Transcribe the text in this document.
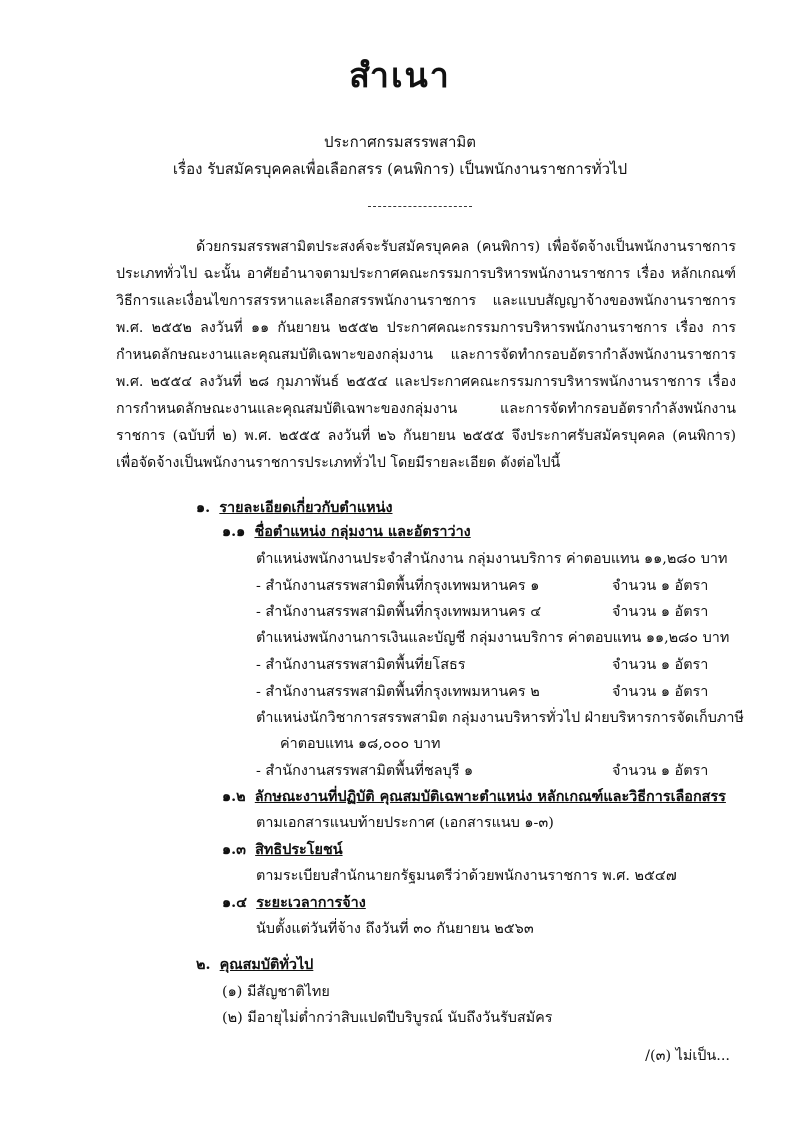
สำเนา
ประกาศกรมสรรพสามิต
เรื่อง รับสมัครบุคคลเพื่อเลือกสรร (คนพิการ) เป็นพนักงานราชการทั่วไป
ด้วยกรมสรรพสามิตประสงค์จะรับสมัครบุคคล (คนพิการ) เพื่อจัดจ้างเป็นพนักงานราชการประเภททั่วไป ฉะนั้น อาศัยอำนาจตามประกาศคณะกรรมการบริหารพนักงานราชการ เรื่อง หลักเกณฑ์วิธีการและเงื่อนไขการสรรหาและเลือกสรรพนักงานราชการ และแบบสัญญาจ้างของพนักงานราชการ พ.ศ. ๒๕๕๒ ลงวันที่ ๑๑ กันยายน ๒๕๕๒ ประกาศคณะกรรมการบริหารพนักงานราชการ เรื่อง การกำหนดลักษณะงานและคุณสมบัติเฉพาะของกลุ่มงาน และการจัดทำกรอบอัตรากำลังพนักงานราชการ พ.ศ. ๒๕๕๔ ลงวันที่ ๒๘ กุมภาพันธ์ ๒๕๕๔ และประกาศคณะกรรมการบริหารพนักงานราชการ เรื่อง การกำหนดลักษณะงานและคุณสมบัติเฉพาะของกลุ่มงาน และการจัดทำกรอบอัตรากำลังพนักงานราชการ (ฉบับที่ ๒) พ.ศ. ๒๕๕๕ ลงวันที่ ๒๖ กันยายน ๒๕๕๕ จึงประกาศรับสมัครบุคคล (คนพิการ) เพื่อจัดจ้างเป็นพนักงานราชการประเภททั่วไป โดยมีรายละเอียด ดังต่อไปนี้
๑. รายละเอียดเกี่ยวกับตำแหน่ง
๑.๑ ชื่อตำแหน่ง กลุ่มงาน และอัตราว่าง
ตำแหน่งพนักงานประจำสำนักงาน กลุ่มงานบริการ ค่าตอบแทน ๑๑,๒๘๐ บาท
- สำนักงานสรรพสามิตพื้นที่กรุงเทพมหานคร ๑	จำนวน ๑ อัตรา
- สำนักงานสรรพสามิตพื้นที่กรุงเทพมหานคร ๔	จำนวน ๑ อัตรา
ตำแหน่งพนักงานการเงินและบัญชี กลุ่มงานบริการ ค่าตอบแทน ๑๑,๒๘๐ บาท
- สำนักงานสรรพสามิตพื้นที่ยโสธร	จำนวน ๑ อัตรา
- สำนักงานสรรพสามิตพื้นที่กรุงเทพมหานคร ๒	จำนวน ๑ อัตรา
ตำแหน่งนักวิชาการสรรพสามิต กลุ่มงานบริหารทั่วไป ฝ่ายบริหารการจัดเก็บภาษี
ค่าตอบแทน ๑๘,๐๐๐ บาท
- สำนักงานสรรพสามิตพื้นที่ชลบุรี ๑	จำนวน ๑ อัตรา
๑.๒ ลักษณะงานที่ปฏิบัติ คุณสมบัติเฉพาะตำแหน่ง หลักเกณฑ์และวิธีการเลือกสรร
ตามเอกสารแนบท้ายประกาศ (เอกสารแนบ ๑-๓)
๑.๓ สิทธิประโยชน์
ตามระเบียบสำนักนายกรัฐมนตรีว่าด้วยพนักงานราชการ พ.ศ. ๒๕๔๗
๑.๔ ระยะเวลาการจ้าง
นับตั้งแต่วันที่จ้าง ถึงวันที่ ๓๐ กันยายน ๒๕๖๓
๒. คุณสมบัติทั่วไป
(๑) มีสัญชาติไทย
(๒) มีอายุไม่ต่ำกว่าสิบแปดปีบริบูรณ์ นับถึงวันรับสมัคร
/(๓) ไม่เป็น...
